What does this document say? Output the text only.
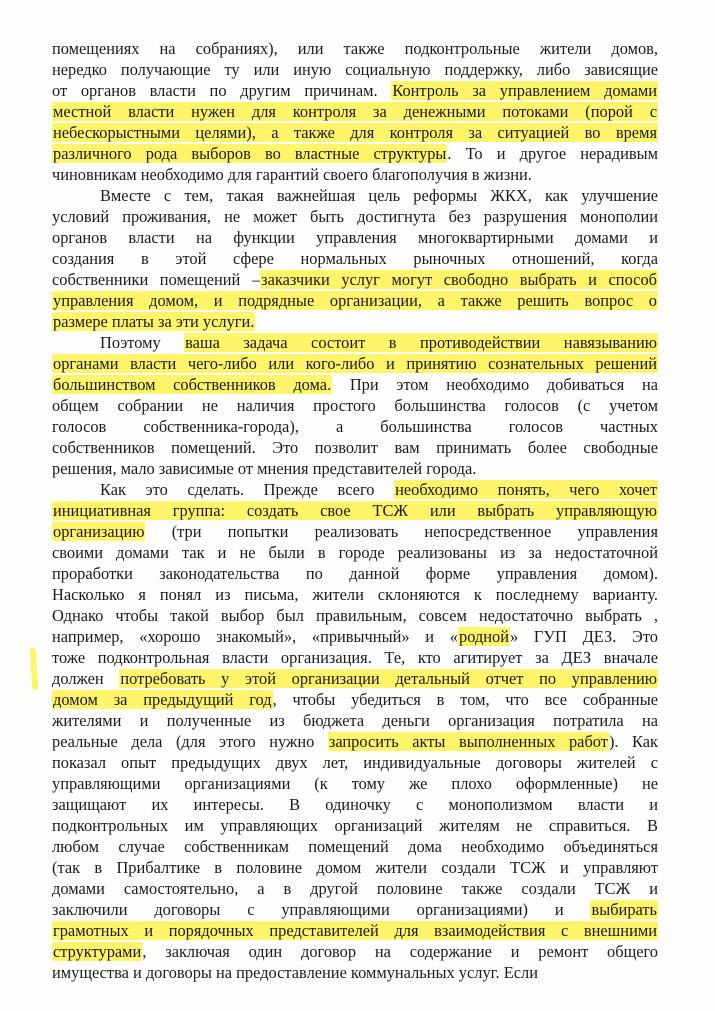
помещениях на собраниях), или также подконтрольные жители домов,
нередко получающие ту или иную социальную поддержку, либо зависящие
от органов власти по другим причинам. Контроль за управлением домами
местной власти нужен для контроля за денежными потоками (порой с
небескорыстными целями), а также для контроля за ситуацией во время
различного рода выборов во властные структуры. То и другое нерадивым
чиновникам необходимо для гарантий своего благополучия в жизни.
Вместе с тем, такая важнейшая цель реформы ЖКХ, как улучшение
условий проживания, не может быть достигнута без разрушения монополии
органов власти на функции управления многоквартирными домами и
создания в этой сфере нормальных рыночных отношений, когда
собственники помещений –заказчики услуг могут свободно выбрать и способ
управления домом, и подрядные организации, а также решить вопрос о
размере платы за эти услуги.
Поэтому ваша задача состоит в противодействии навязыванию
органами власти чего-либо или кого-либо и принятию сознательных решений
большинством собственников дома. При этом необходимо добиваться на
общем собрании не наличия простого большинства голосов (с учетом
голосов собственника-города), а большинства голосов частных
собственников помещений. Это позволит вам принимать более свободные
решения, мало зависимые от мнения представителей города.
Как это сделать. Прежде всего необходимо понять, чего хочет
инициативная группа: создать свое ТСЖ или выбрать управляющую
организацию (три попытки реализовать непосредственное управления
своими домами так и не были в городе реализованы из за недостаточной
проработки законодательства по данной форме управления домом).
Насколько я понял из письма, жители склоняются к последнему варианту.
Однако чтобы такой выбор был правильным, совсем недостаточно выбрать ,
например, «хорошо знакомый», «привычный» и «родной» ГУП ДЕЗ. Это
тоже подконтрольная власти организация. Те, кто агитирует за ДЕЗ вначале
должен потребовать у этой организации детальный отчет по управлению
домом за предыдущий год, чтобы убедиться в том, что все собранные
жителями и полученные из бюджета деньги организация потратила на
реальные дела (для этого нужно запросить акты выполненных работ). Как
показал опыт предыдущих двух лет, индивидуальные договоры жителей с
управляющими организациями (к тому же плохо оформленные) не
защищают их интересы. В одиночку с монополизмом власти и
подконтрольных им управляющих организаций жителям не справиться. В
любом случае собственникам помещений дома необходимо объединяться
(так в Прибалтике в половине домом жители создали ТСЖ и управляют
домами самостоятельно, а в другой половине также создали ТСЖ и
заключили договоры с управляющими организациями) и выбирать
грамотных и порядочных представителей для взаимодействия с внешними
структурами, заключая один договор на содержание и ремонт общего
имущества и договоры на предоставление коммунальных услуг. Если
